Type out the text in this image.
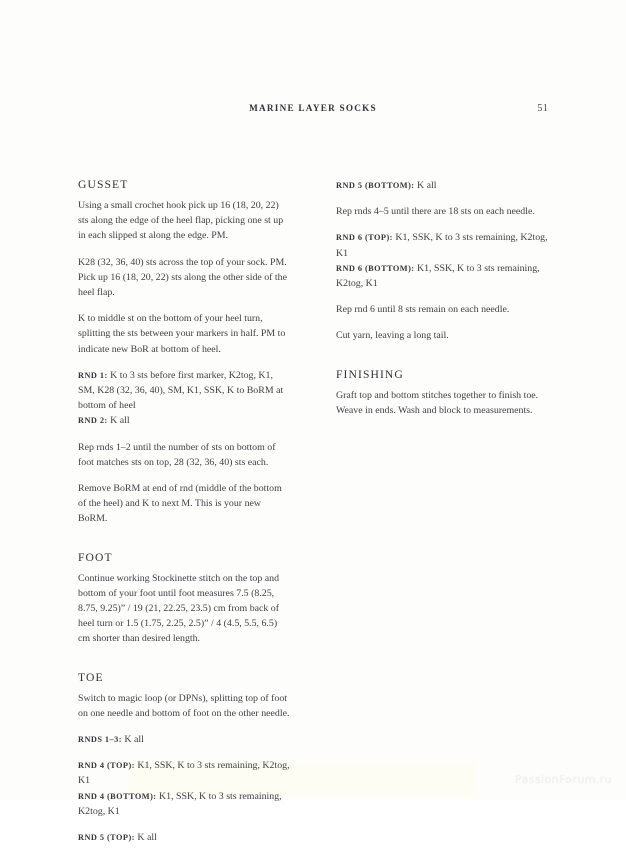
MARINE LAYER SOCKS	51
GUSSET

Using a small crochet hook pick up 16 (18, 20, 22) sts along the edge of the heel flap, picking one st up in each slipped st along the edge. PM.

K28 (32, 36, 40) sts across the top of your sock. PM. Pick up 16 (18, 20, 22) sts along the other side of the heel flap.

K to middle st on the bottom of your heel turn, splitting the sts between your markers in half. PM to indicate new BoR at bottom of heel.

RND 1: K to 3 sts before first marker, K2tog, K1, SM, K28 (32, 36, 40), SM, K1, SSK, K to BoRM at bottom of heel

RND 2: K all

Rep rnds 1–2 until the number of sts on bottom of foot matches sts on top, 28 (32, 36, 40) sts each.

Remove BoRM at end of rnd (middle of the bottom of the heel) and K to next M. This is your new BoRM.

FOOT

Continue working Stockinette stitch on the top and bottom of your foot until foot measures 7.5 (8.25, 8.75, 9.25)” / 19 (21, 22.25, 23.5) cm from back of heel turn or 1.5 (1.75, 2.25, 2.5)” / 4 (4.5, 5.5, 6.5) cm shorter than desired length.

TOE

Switch to magic loop (or DPNs), splitting top of foot on one needle and bottom of foot on the other needle.

RNDS 1–3: K all

RND 4 (TOP): K1, SSK, K to 3 sts remaining, K2tog, K1

RND 4 (BOTTOM): K1, SSK, K to 3 sts remaining, K2tog, K1

RND 5 (TOP): K all

RND 5 (BOTTOM): K all

Rep rnds 4–5 until there are 18 sts on each needle.

RND 6 (TOP): K1, SSK, K to 3 sts remaining, K2tog, K1

RND 6 (BOTTOM): K1, SSK, K to 3 sts remaining, K2tog, K1

Rep rnd 6 until 8 sts remain on each needle.

Cut yarn, leaving a long tail.

FINISHING

Graft top and bottom stitches together to finish toe. Weave in ends. Wash and block to measurements.

PassionForum.ru
